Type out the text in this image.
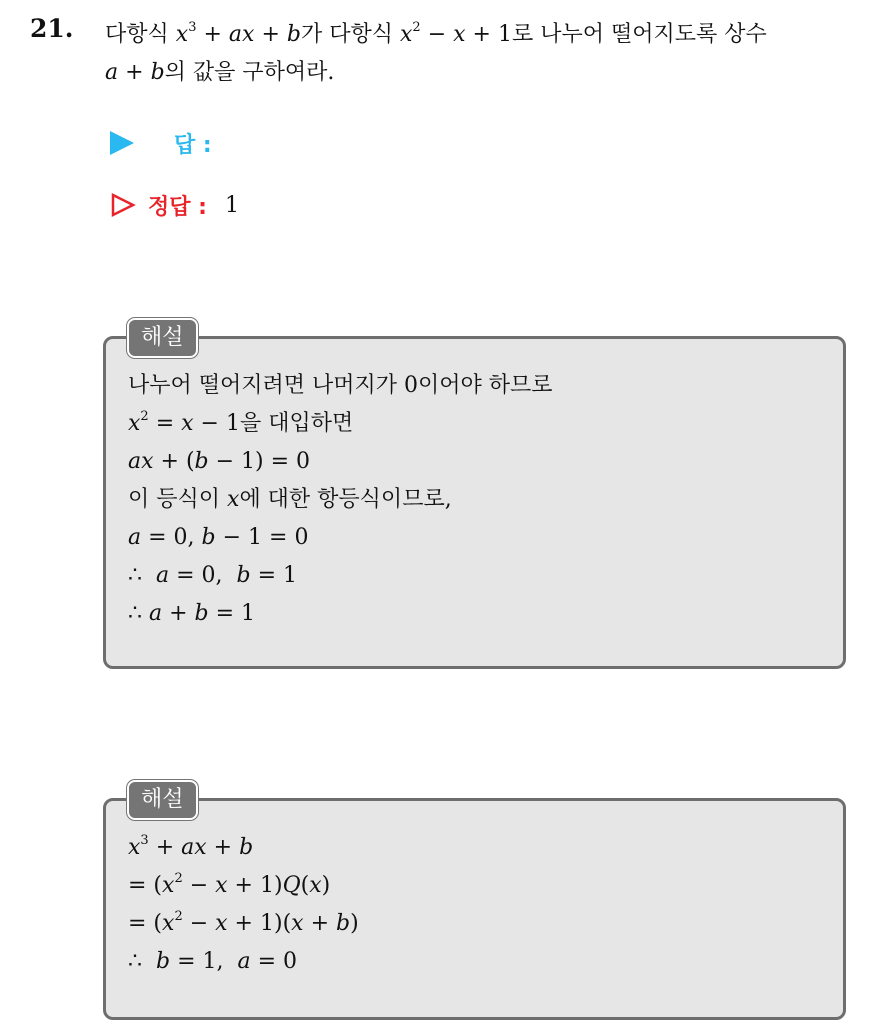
21. 다항식 $x^3$ + ax + b가 다항식 $x^2 - x + 1$로 나누어 떨어지도록 상수
a + b의 값을 구하여라.
답 :
정답 : 1
나누어 떨어지려면 나머지가 0이어야 하므로
$x^2 = x - 1$을 대입하면
ax + (b − 1) = 0
이 등식이 x에 대한 항등식이므로,
a = 0, b − 1 = 0
∴  a = 0,  b = 1
∴ a + b = 1
해설
$x^3$ + ax + b
= $(x^2 - x + 1)Q(x)$
= $(x^2 - x + 1)(x + b)$
∴  b = 1,  a = 0
해설
